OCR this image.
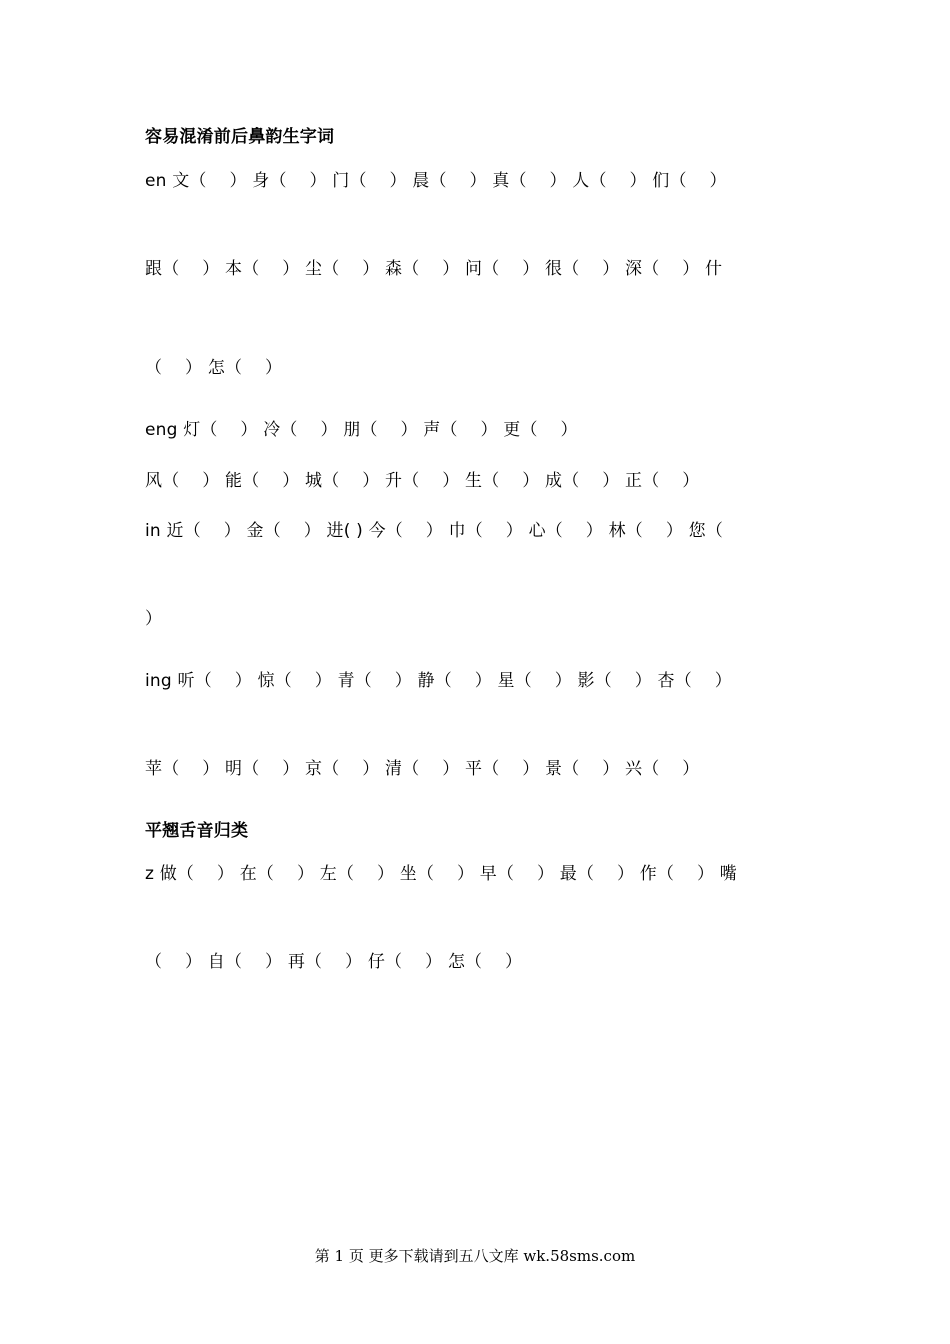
容易混淆前后鼻韵生字词
en 文（　 ） 身（　 ） 门（　 ） 晨（　 ） 真（　 ） 人（　 ） 们（　 ）
跟（　 ） 本（　 ） 尘（　 ） 森（　 ） 问（　 ） 很（　 ） 深（　 ） 什
（　 ） 怎（　 ）
eng 灯（　 ） 冷（　 ） 朋（　 ） 声（　 ） 更（　 ）
风（　 ） 能（　 ） 城（　 ） 升（　 ） 生（　 ） 成（　 ） 正（　 ）
in 近（　 ） 金（　 ） 进( ) 今（　 ） 巾（　 ） 心（　 ） 林（　 ） 您（
）
ing 听（　 ） 惊（　 ） 青（　 ） 静（　 ） 星（　 ） 影（　 ） 杏（　 ）
苹（　 ） 明（　 ） 京（　 ） 清（　 ） 平（　 ） 景（　 ） 兴（　 ）
平翘舌音归类
z 做（　 ） 在（　 ） 左（　 ） 坐（　 ） 早（　 ） 最（　 ） 作（　 ） 嘴
（　 ） 自（　 ） 再（　 ） 仔（　 ） 怎（　 ）
第 1 页 更多下载请到五八文库 wk.58sms.com
